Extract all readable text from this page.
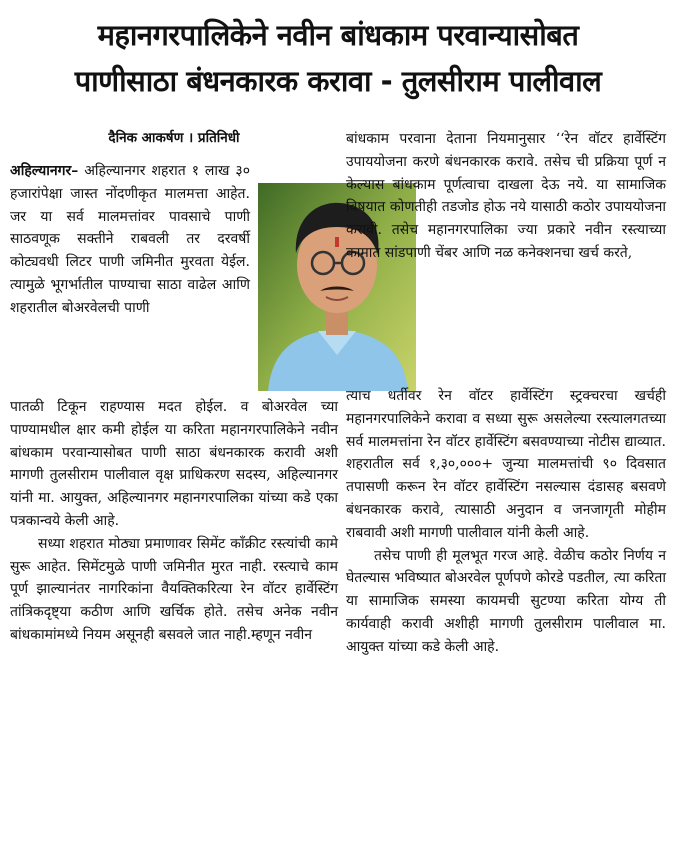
महानगरपालिकेने नवीन बांधकाम परवान्यासोबत
पाणीसाठा बंधनकारक करावा - तुलसीराम पालीवाल
दैनिक आकर्षण । प्रतिनिधी

अहिल्यानगर– अहिल्यानगर शहरात १ लाख ३० हजारांपेक्षा जास्त नोंदणीकृत मालमत्ता आहेत. जर या सर्व मालमत्तांवर पावसाचे पाणी साठवणूक सक्तीने राबवली तर दरवर्षी कोट्यवधी लिटर पाणी जमिनीत मुरवता येईल. त्यामुळे भूगर्भातील पाण्याचा साठा वाढेल आणि शहरातील बोअरवेलची पाणी

पातळी टिकून राहण्यास मदत होईल. व बोअरवेल च्या पाण्यामधील क्षार कमी होईल या करिता महानगरपालिकेने नवीन बांधकाम परवान्यासोबत पाणी साठा बंधनकारक करावी अशी मागणी तुलसीराम पालीवाल वृक्ष प्राधिकरण सदस्य, अहिल्यानगर यांनी मा. आयुक्त, अहिल्यानगर महानगरपालिका यांच्या कडे एका पत्रकान्वये केली आहे.

सध्या शहरात मोठ्या प्रमाणावर सिमेंट काँक्रीट रस्त्यांची कामे सुरू आहेत. सिमेंटमुळे पाणी जमिनीत मुरत नाही. रस्त्याचे काम पूर्ण झाल्यानंतर नागरिकांना वैयक्तिकरित्या रेन वॉटर हार्वेस्टिंग तांत्रिकदृष्ट्या कठीण आणि खर्चिक होते. तसेच अनेक नवीन बांधकामांमध्ये नियम असूनही बसवले जात नाही.म्हणून नवीन

बांधकाम परवाना देताना नियमानुसार ‘‘रेन वॉटर हार्वेस्टिंग उपाययोजना करणे बंधनकारक करावे. तसेच ची प्रक्रिया पूर्ण न केल्यास बांधकाम पूर्णत्वाचा दाखला देऊ नये. या सामाजिक विषयात कोणतीही तडजोड होऊ नये यासाठी कठोर उपाययोजना करावी. तसेच महानगरपालिका ज्या प्रकारे नवीन रस्त्याच्या कामात सांडपाणी चेंबर आणि नळ कनेक्शनचा खर्च करते,

त्याच धर्तीवर रेन वॉटर हार्वेस्टिंग स्ट्रक्चरचा खर्चही महानगरपालिकेने करावा व सध्या सुरू असलेल्या रस्त्यालगतच्या सर्व मालमत्तांना रेन वॉटर हार्वेस्टिंग बसवण्याच्या नोटीस द्याव्यात. शहरातील सर्व १,३०,०००+ जुन्या मालमत्तांची ९० दिवसात तपासणी करून रेन वॉटर हार्वेस्टिंग नसल्यास दंडासह बसवणे बंधनकारक करावे, त्यासाठी अनुदान व जनजागृती मोहीम राबवावी अशी मागणी पालीवाल यांनी केली आहे.

तसेच पाणी ही मूलभूत गरज आहे. वेळीच कठोर निर्णय न घेतल्यास भविष्यात बोअरवेल पूर्णपणे कोरडे पडतील, त्या करिता या सामाजिक समस्या कायमची सुटण्या करिता योग्य ती कार्यवाही करावी अशीही मागणी तुलसीराम पालीवाल मा. आयुक्त यांच्या कडे केली आहे.
